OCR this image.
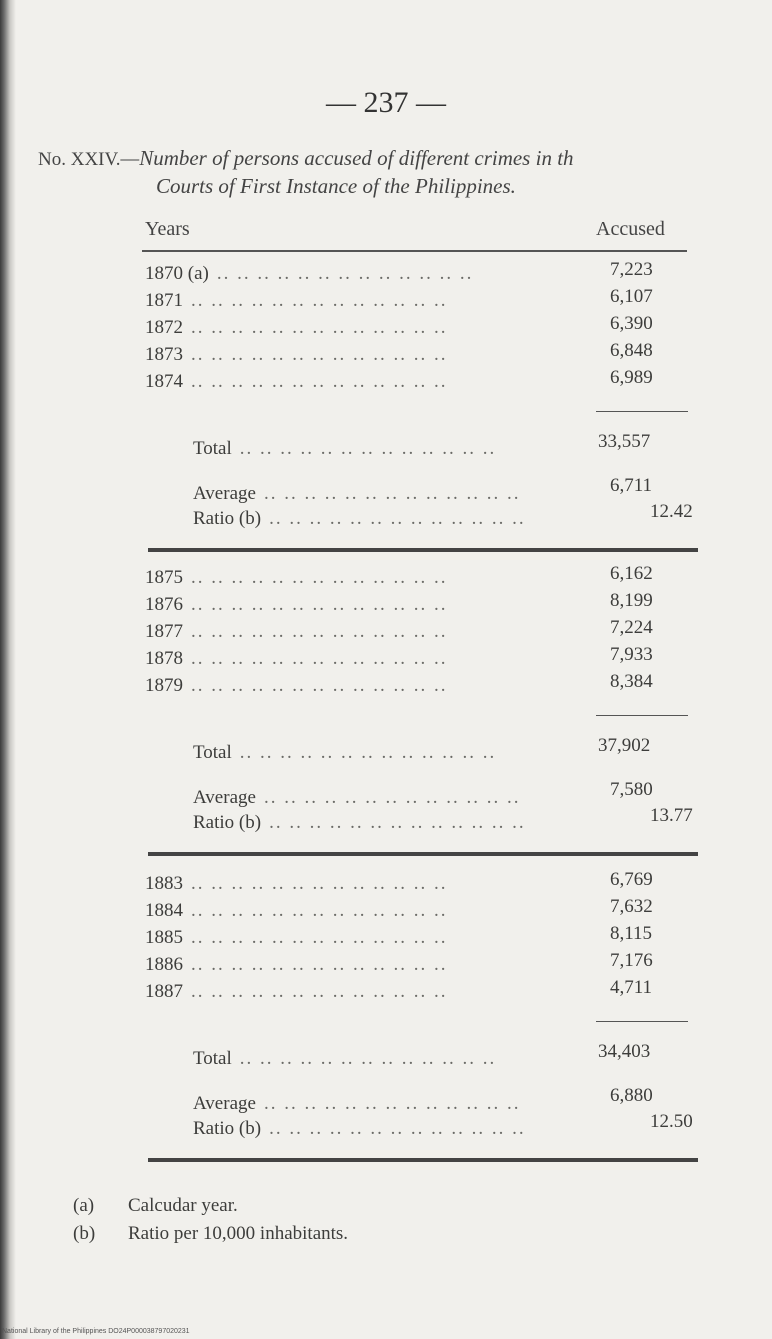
— 237 —
No. XXIV.—Number of persons accused of different crimes in th
Courts of First Instance of the Philippines.
Years	Accused
1870 (a) .. .. .. .. .. .. .. .. .. .. .. .. ..	7,223
1871 .. .. .. .. .. .. .. .. .. .. .. .. ..	6,107
1872 .. .. .. .. .. .. .. .. .. .. .. .. ..	6,390
1873 .. .. .. .. .. .. .. .. .. .. .. .. ..	6,848
1874 .. .. .. .. .. .. .. .. .. .. .. .. ..	6,989
Total .. .. .. .. .. .. .. .. .. .. .. .. ..	33,557
Average .. .. .. .. .. .. .. .. .. .. .. .. ..	6,711
Ratio (b) .. .. .. .. .. .. .. .. .. .. .. .. ..	12.42
1875 .. .. .. .. .. .. .. .. .. .. .. .. ..	6,162
1876 .. .. .. .. .. .. .. .. .. .. .. .. ..	8,199
1877 .. .. .. .. .. .. .. .. .. .. .. .. ..	7,224
1878 .. .. .. .. .. .. .. .. .. .. .. .. ..	7,933
1879 .. .. .. .. .. .. .. .. .. .. .. .. ..	8,384
Total .. .. .. .. .. .. .. .. .. .. .. .. ..	37,902
Average .. .. .. .. .. .. .. .. .. .. .. .. ..	7,580
Ratio (b) .. .. .. .. .. .. .. .. .. .. .. .. ..	13.77
1883 .. .. .. .. .. .. .. .. .. .. .. .. ..	6,769
1884 .. .. .. .. .. .. .. .. .. .. .. .. ..	7,632
1885 .. .. .. .. .. .. .. .. .. .. .. .. ..	8,115
1886 .. .. .. .. .. .. .. .. .. .. .. .. ..	7,176
1887 .. .. .. .. .. .. .. .. .. .. .. .. ..	4,711
Total .. .. .. .. .. .. .. .. .. .. .. .. ..	34,403
Average .. .. .. .. .. .. .. .. .. .. .. .. ..	6,880
Ratio (b) .. .. .. .. .. .. .. .. .. .. .. .. ..	12.50
(a) Calcudar year.
(b) Ratio per 10,000 inhabitants.
National Library of the Philippines DO24P000038797020231
